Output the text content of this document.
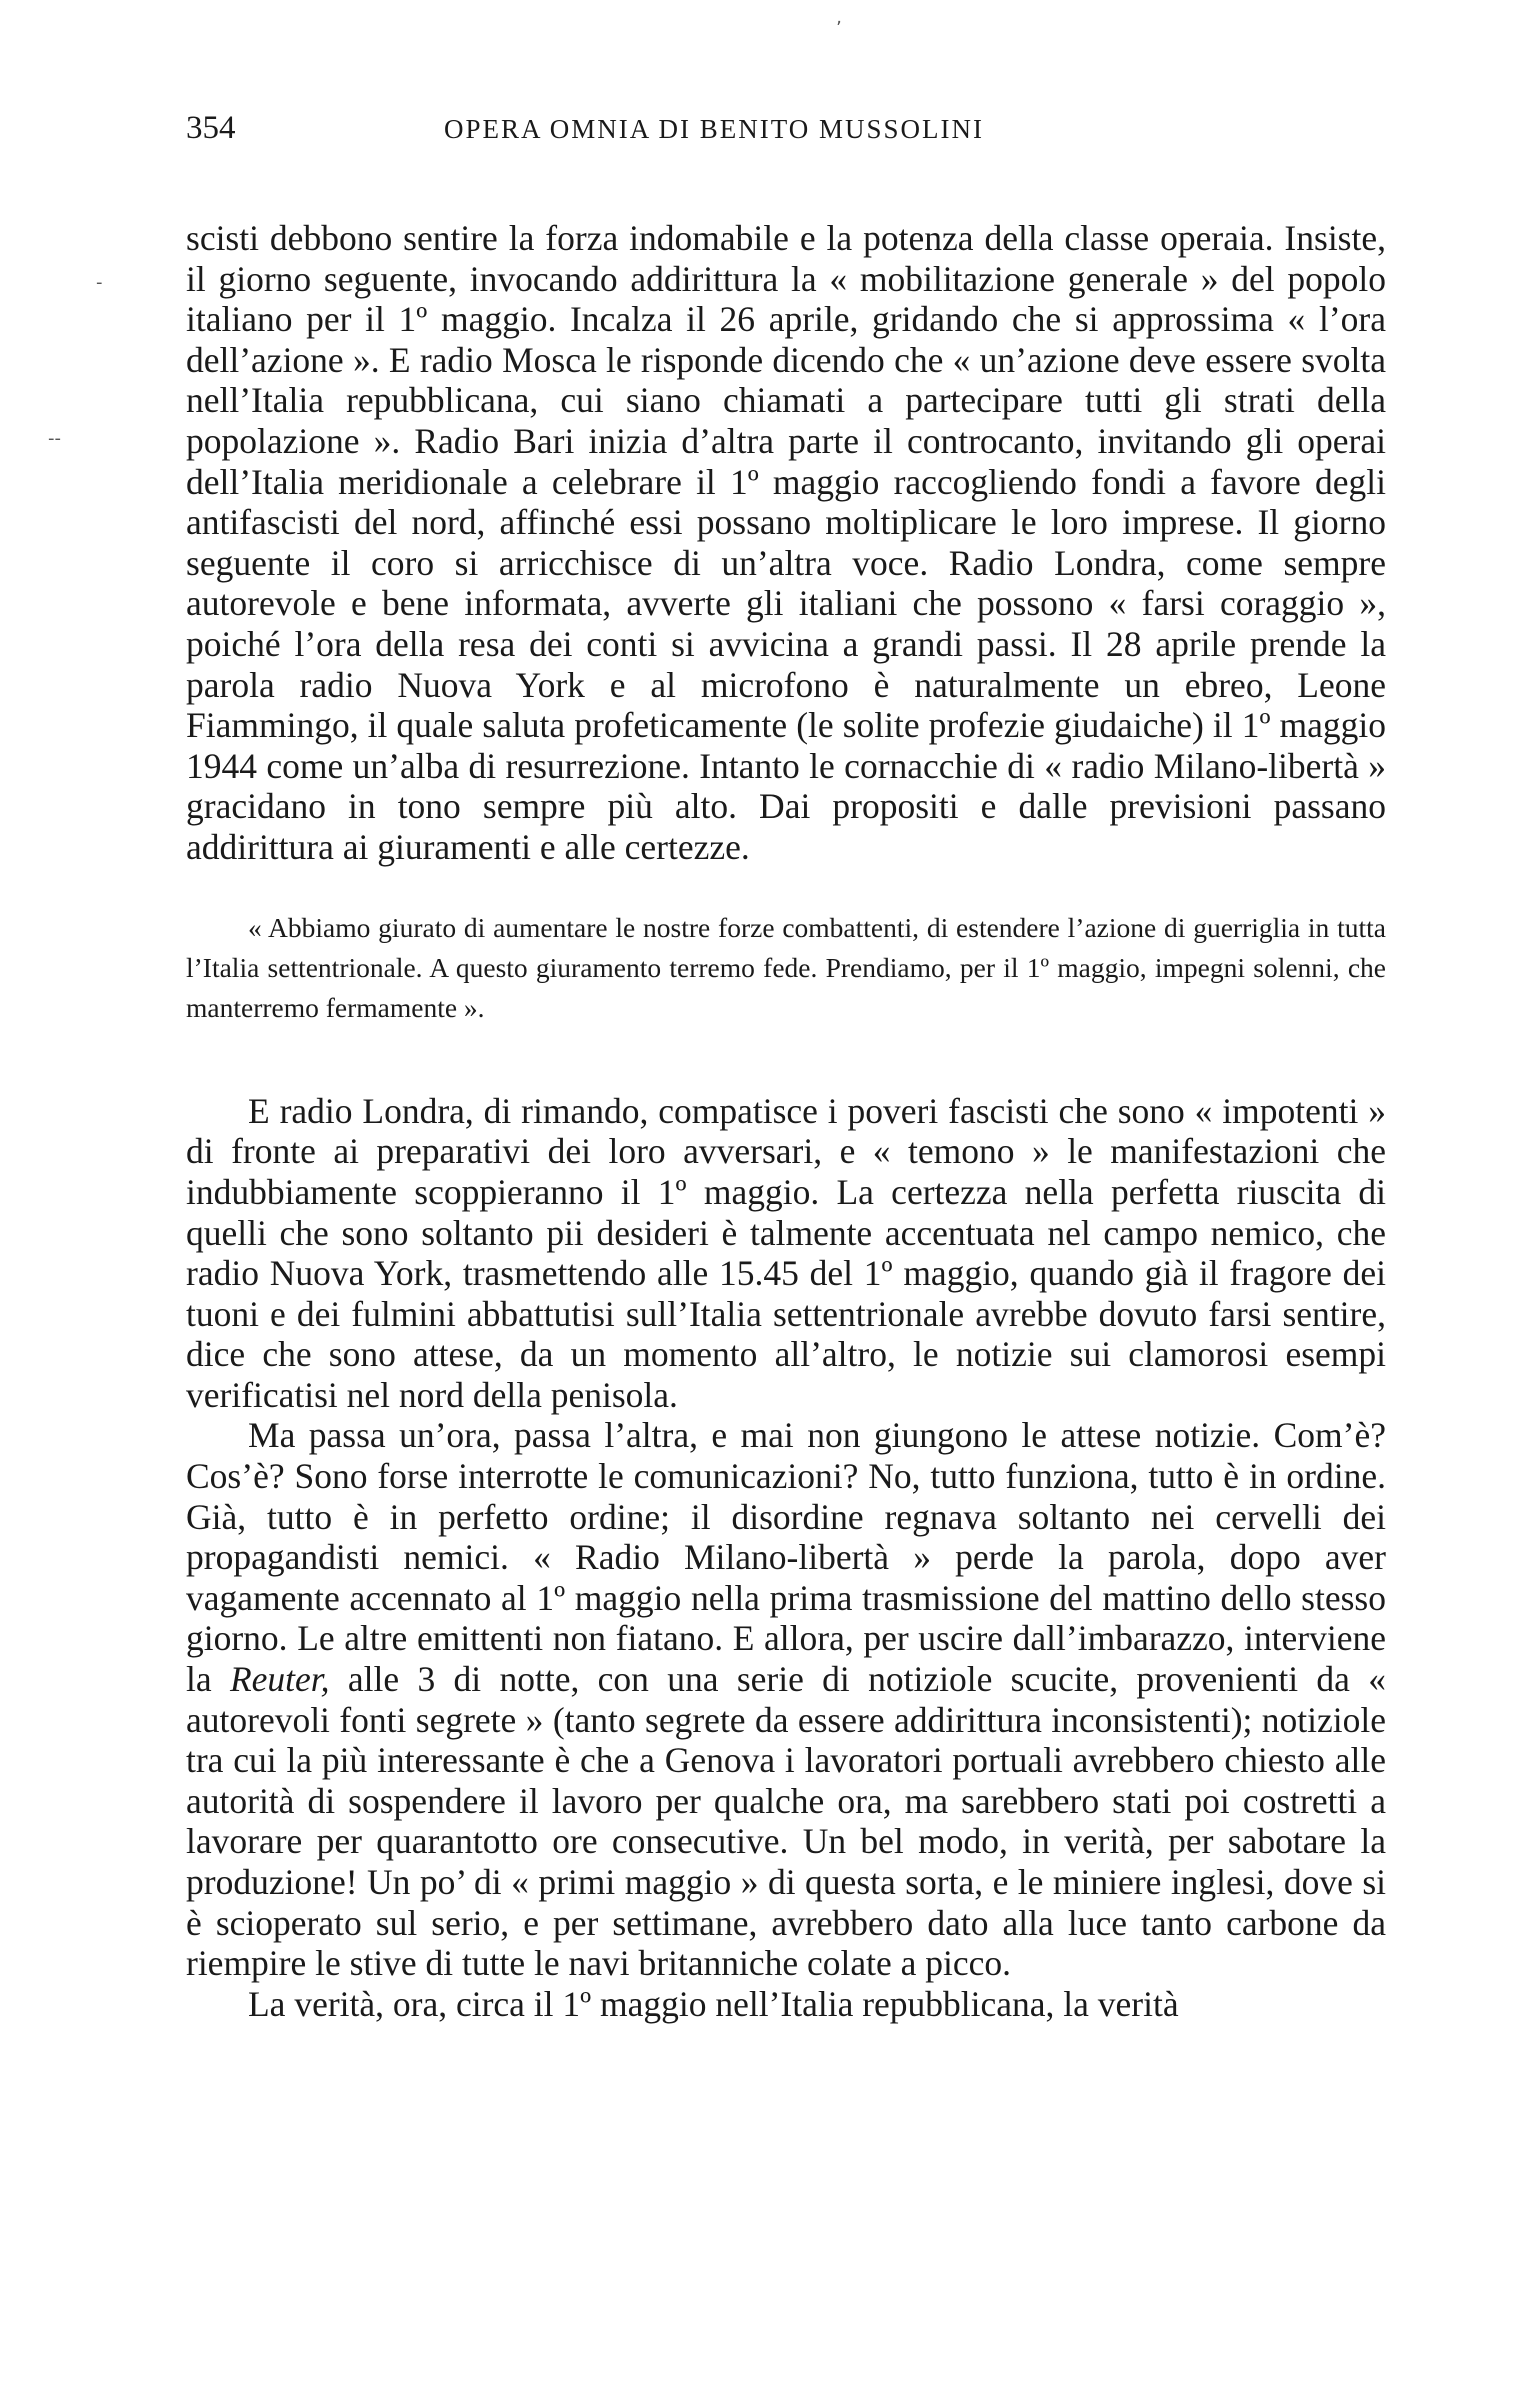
ʼ
-
--
354	OPERA OMNIA DI BENITO MUSSOLINI

scisti debbono sentire la forza indomabile e la potenza della classe operaia. Insiste, il giorno seguente, invocando addirittura la « mobilitazione generale » del popolo italiano per il 1º maggio. Incalza il 26 aprile, gridando che si approssima « l’ora dell’azione ». E radio Mosca le risponde dicendo che « un’azione deve essere svolta nell’Italia repubblicana, cui siano chiamati a partecipare tutti gli strati della popolazione ». Radio Bari inizia d’altra parte il controcanto, invitando gli operai dell’Italia meridionale a celebrare il 1º maggio raccogliendo fondi a favore degli antifascisti del nord, affinché essi possano moltiplicare le loro imprese. Il giorno seguente il coro si arricchisce di un’altra voce. Radio Londra, come sempre autorevole e bene informata, avverte gli italiani che possono « farsi coraggio », poiché l’ora della resa dei conti si avvicina a grandi passi. Il 28 aprile prende la parola radio Nuova York e al microfono è naturalmente un ebreo, Leone Fiammingo, il quale saluta profeticamente (le solite profezie giudaiche) il 1º maggio 1944 come un’alba di resurrezione. Intanto le cornacchie di « radio Milano-libertà » gracidano in tono sempre più alto. Dai propositi e dalle previsioni passano addirittura ai giuramenti e alle certezze.

« Abbiamo giurato di aumentare le nostre forze combattenti, di estendere l’azione di guerriglia in tutta l’Italia settentrionale. A questo giuramento terremo fede. Prendiamo, per il 1º maggio, impegni solenni, che manterremo fermamente ».

E radio Londra, di rimando, compatisce i poveri fascisti che sono « impotenti » di fronte ai preparativi dei loro avversari, e « temono » le manifestazioni che indubbiamente scoppieranno il 1º maggio. La certezza nella perfetta riuscita di quelli che sono soltanto pii desideri è talmente accentuata nel campo nemico, che radio Nuova York, trasmettendo alle 15.45 del 1º maggio, quando già il fragore dei tuoni e dei fulmini abbattutisi sull’Italia settentrionale avrebbe dovuto farsi sentire, dice che sono attese, da un momento all’altro, le notizie sui clamorosi esempi verificatisi nel nord della penisola.

Ma passa un’ora, passa l’altra, e mai non giungono le attese notizie. Com’è? Cos’è? Sono forse interrotte le comunicazioni? No, tutto funziona, tutto è in ordine. Già, tutto è in perfetto ordine; il disordine regnava soltanto nei cervelli dei propagandisti nemici. « Radio Milano-libertà » perde la parola, dopo aver vagamente accennato al 1º maggio nella prima trasmissione del mattino dello stesso giorno. Le altre emittenti non fiatano. E allora, per uscire dall’imbarazzo, interviene la Reuter, alle 3 di notte, con una serie di notiziole scucite, provenienti da « autorevoli fonti segrete » (tanto segrete da essere addirittura inconsistenti); notiziole tra cui la più interessante è che a Genova i lavoratori portuali avrebbero chiesto alle autorità di sospendere il lavoro per qualche ora, ma sarebbero stati poi costretti a lavorare per quarantotto ore consecutive. Un bel modo, in verità, per sabotare la produzione! Un po’ di « primi maggio » di questa sorta, e le miniere inglesi, dove si è scioperato sul serio, e per settimane, avrebbero dato alla luce tanto carbone da riempire le stive di tutte le navi britanniche colate a picco.

La verità, ora, circa il 1º maggio nell’Italia repubblicana, la verità
